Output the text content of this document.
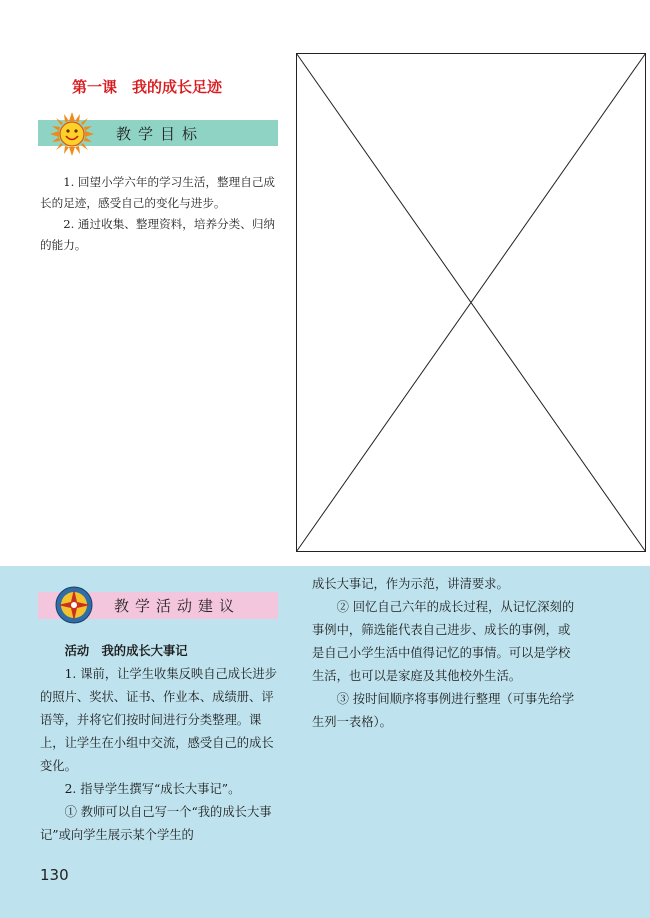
第一课　我的成长足迹
教学目标

1. 回望小学六年的学习生活，整理自己成长的足迹，感受自己的变化与进步。

2. 通过收集、整理资料，培养分类、归纳的能力。

教学活动建议

活动　我的成长大事记

1. 课前，让学生收集反映自己成长进步的照片、奖状、证书、作业本、成绩册、评语等，并将它们按时间进行分类整理。课上，让学生在小组中交流，感受自己的成长变化。

2. 指导学生撰写“成长大事记”。

① 教师可以自己写一个“我的成长大事记”或向学生展示某个学生的

成长大事记，作为示范，讲清要求。

② 回忆自己六年的成长过程，从记忆深刻的事例中，筛选能代表自己进步、成长的事例，或是自己小学生活中值得记忆的事情。可以是学校生活，也可以是家庭及其他校外生活。

③ 按时间顺序将事例进行整理（可事先给学生列一表格）。

130
